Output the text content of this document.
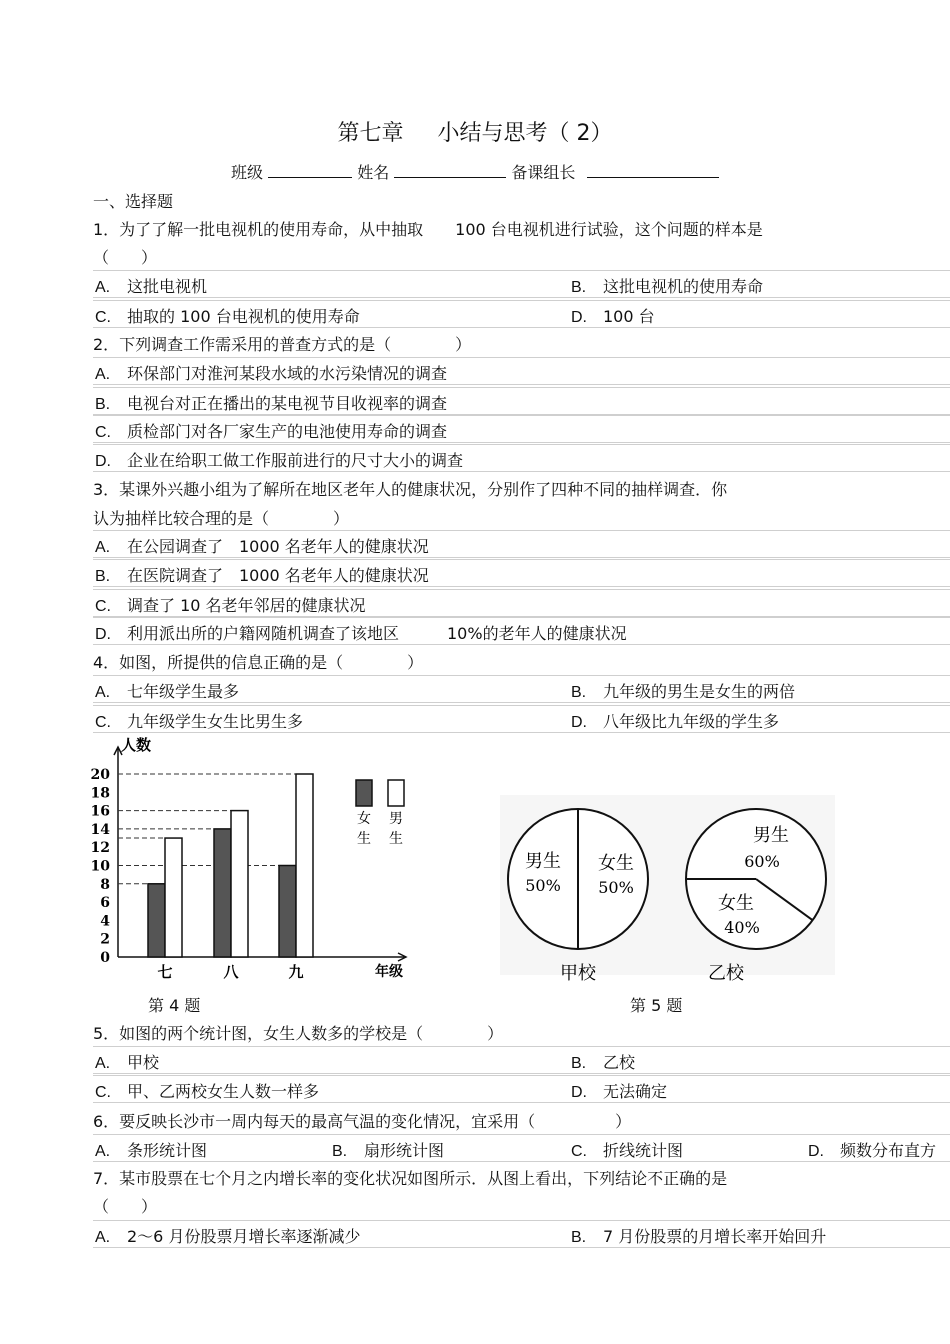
第七章 小结与思考（ 2）
班级	姓名	备课组长
一、选择题
1．为了了解一批电视机的使用寿命，从中抽取　　100 台电视机进行试验，这个问题的样本是
（　　）
A. 这批电视机	B. 这批电视机的使用寿命
C. 抽取的 100 台电视机的使用寿命	D. 100 台
2．下列调查工作需采用的普查方式的是（　　　　）
A. 环保部门对淮河某段水域的水污染情况的调查
B. 电视台对正在播出的某电视节目收视率的调查
C. 质检部门对各厂家生产的电池使用寿命的调查
D. 企业在给职工做工作服前进行的尺寸大小的调查
3．某课外兴趣小组为了解所在地区老年人的健康状况，分别作了四种不同的抽样调查．你
认为抽样比较合理的是（　　　　）
A. 在公园调查了　1000 名老年人的健康状况
B. 在医院调查了　1000 名老年人的健康状况
C. 调查了 10 名老年邻居的健康状况
D. 利用派出所的户籍网随机调查了该地区　　　10%的老年人的健康状况
4．如图，所提供的信息正确的是（　　　　）
A. 七年级学生最多	B. 九年级的男生是女生的两倍
C. 九年级学生女生比男生多	D. 八年级比九年级的学生多
人数
年级
0
2
4
6
8
10
12
14
16
18
20
七	八	九
女
生
男
生
男生
50%
女生
50%
甲校
男生
60%
女生
40%
乙校
第 4 题	第 5 题
5．如图的两个统计图，女生人数多的学校是（　　　　）
A. 甲校	B. 乙校
C. 甲、乙两校女生人数一样多	D. 无法确定
6．要反映长沙市一周内每天的最高气温的变化情况，宜采用（　　　　　）
A. 条形统计图	B. 扇形统计图	C. 折线统计图	D. 频数分布直方
7．某市股票在七个月之内增长率的变化状况如图所示．从图上看出，下列结论不正确的是
（　　）
A. 2～6 月份股票月增长率逐渐减少	B. 7 月份股票的月增长率开始回升
